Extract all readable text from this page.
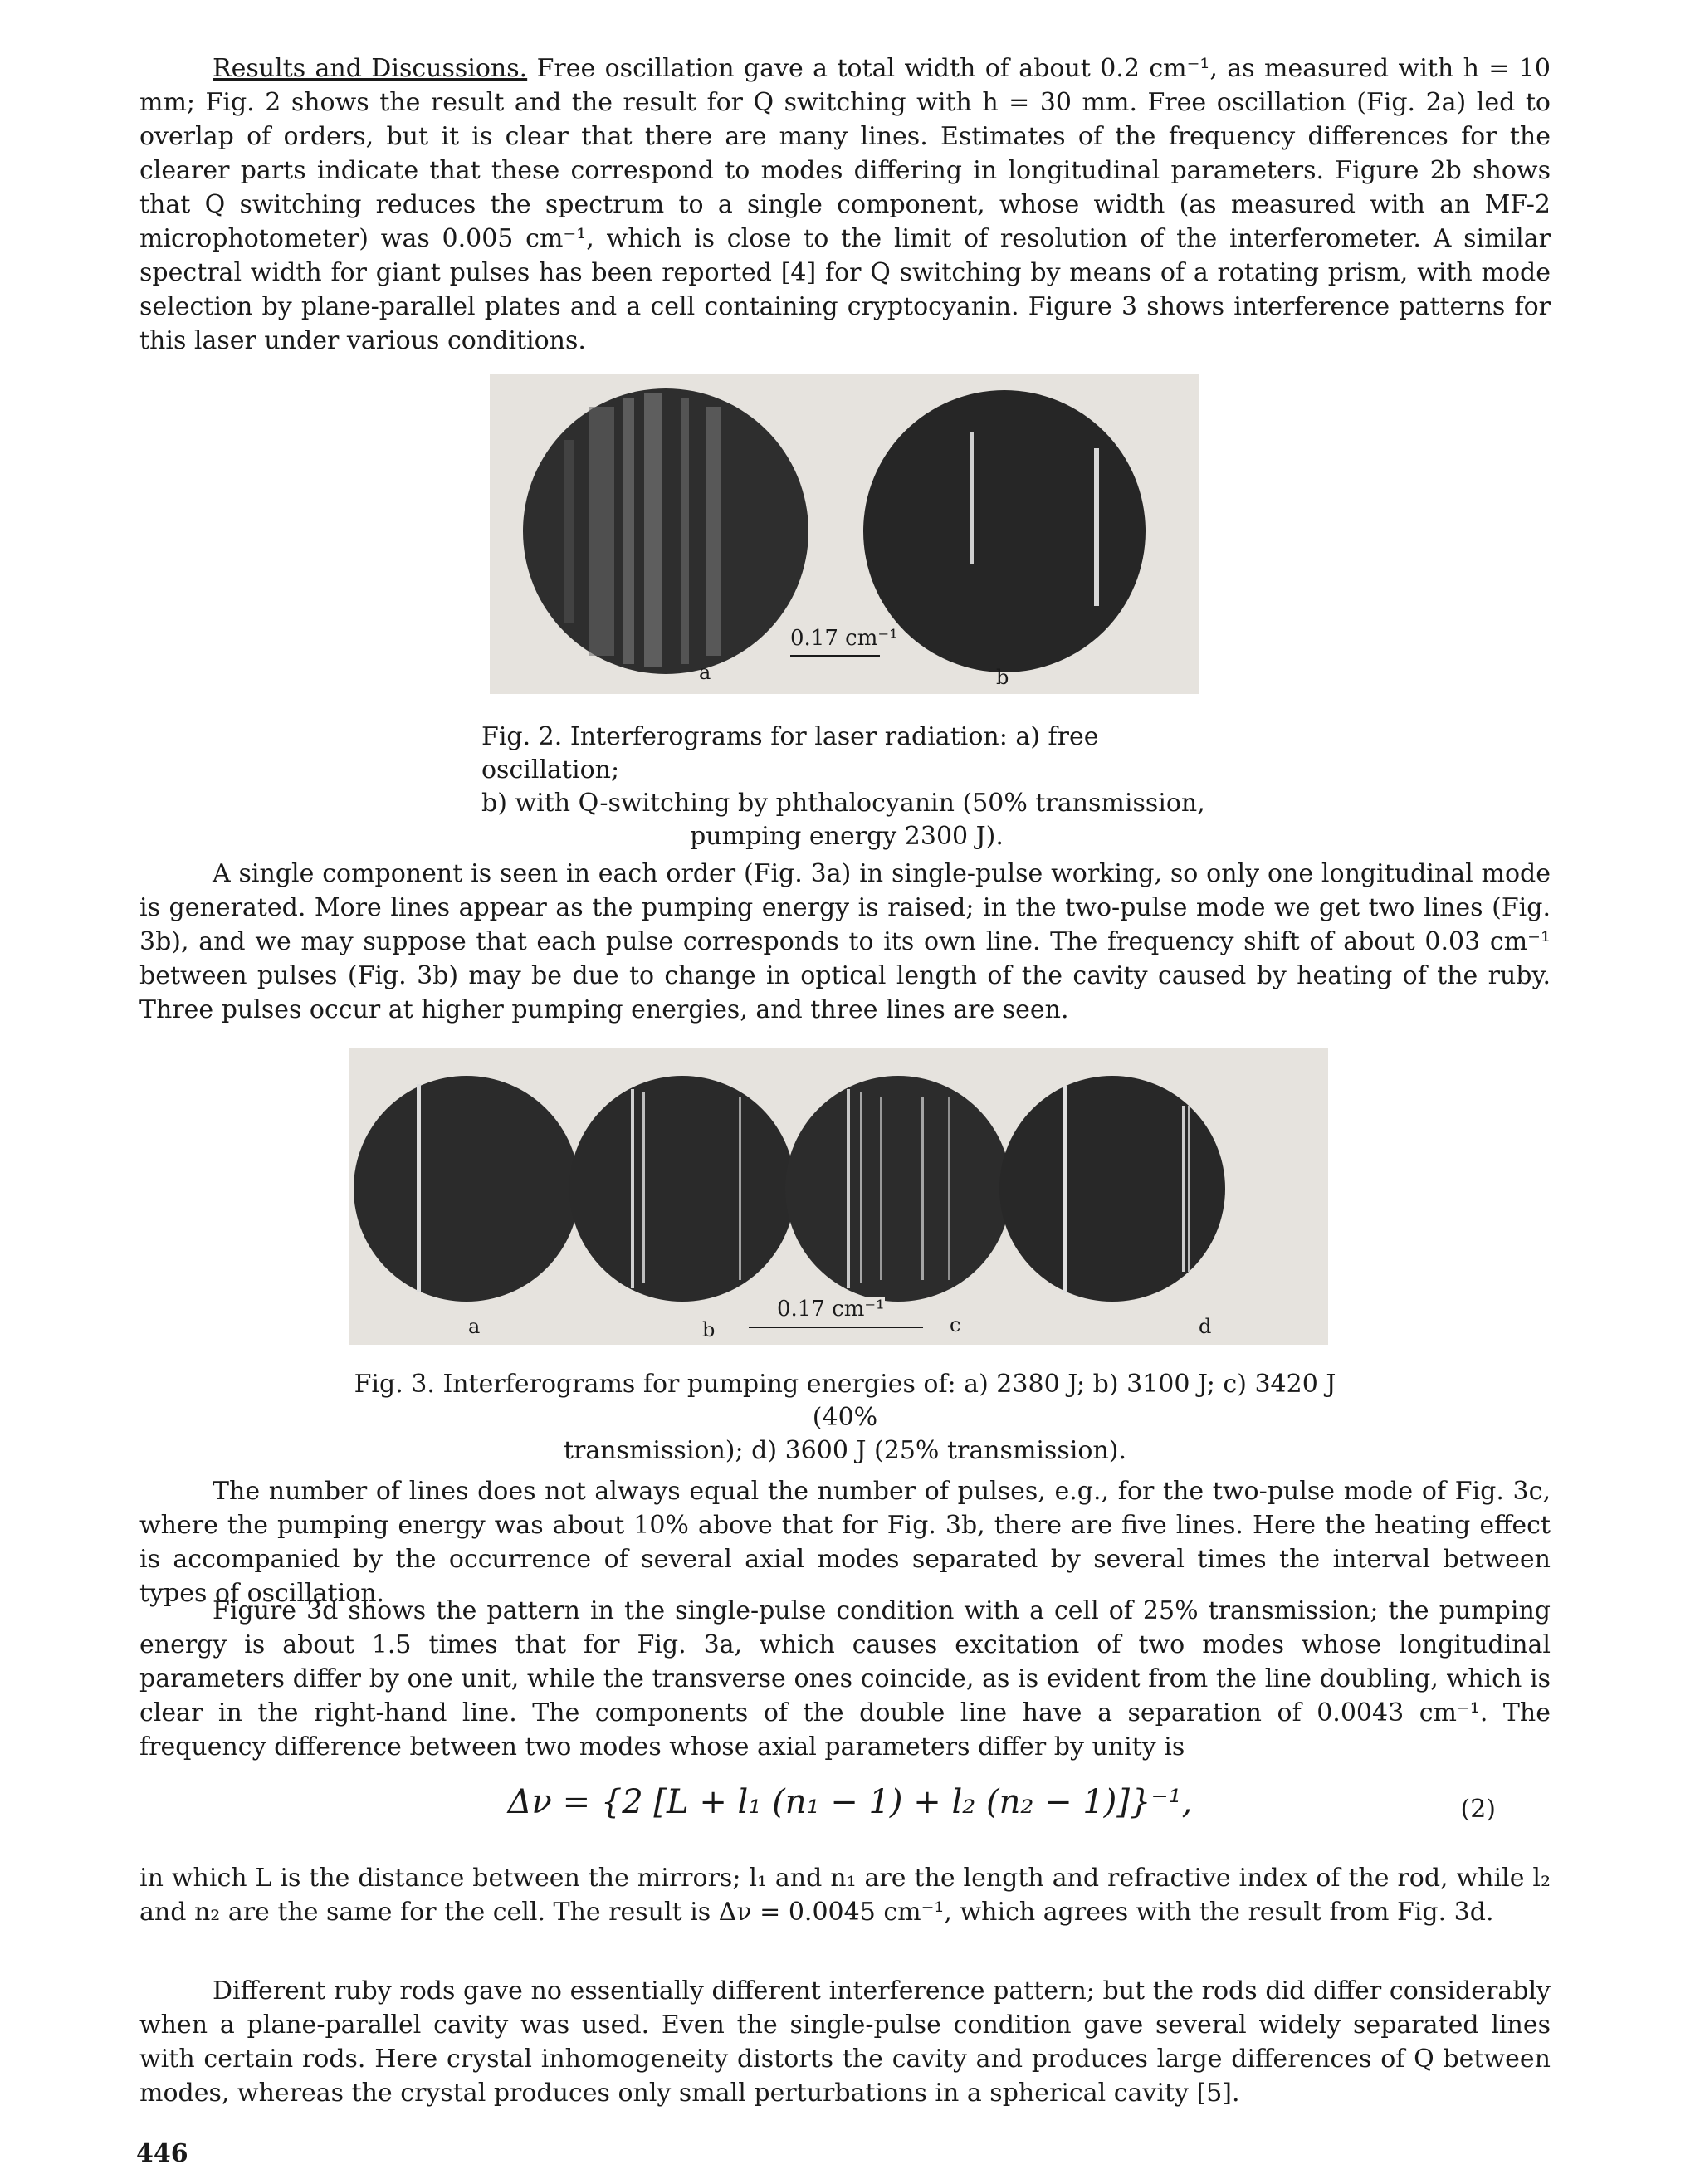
Results and Discussions. Free oscillation gave a total width of about 0.2 cm⁻¹, as measured with h = 10 mm; Fig. 2 shows the result and the result for Q switching with h = 30 mm. Free oscillation (Fig. 2a) led to overlap of orders, but it is clear that there are many lines. Estimates of the frequency differences for the clearer parts indicate that these correspond to modes differing in longitudinal parameters. Figure 2b shows that Q switching reduces the spectrum to a single component, whose width (as measured with an MF-2 microphotometer) was 0.005 cm⁻¹, which is close to the limit of resolution of the interferometer. A similar spectral width for giant pulses has been reported [4] for Q switching by means of a rotating prism, with mode selection by plane-parallel plates and a cell containing cryptocyanin. Figure 3 shows interference patterns for this laser under various conditions.

0.17 cm⁻¹
a	b

Fig. 2. Interferograms for laser radiation: a) free oscillation;
b) with Q-switching by phthalocyanin (50% transmission,

pumping energy 2300 J).

A single component is seen in each order (Fig. 3a) in single-pulse working, so only one longitudinal mode is generated. More lines appear as the pumping energy is raised; in the two-pulse mode we get two lines (Fig. 3b), and we may suppose that each pulse corresponds to its own line. The frequency shift of about 0.03 cm⁻¹ between pulses (Fig. 3b) may be due to change in optical length of the cavity caused by heating of the ruby. Three pulses occur at higher pumping energies, and three lines are seen.

0.17 cm⁻¹
a	b	c	d

Fig. 3. Interferograms for pumping energies of: a) 2380 J; b) 3100 J; c) 3420 J (40%
transmission); d) 3600 J (25% transmission).

The number of lines does not always equal the number of pulses, e.g., for the two-pulse mode of Fig. 3c, where the pumping energy was about 10% above that for Fig. 3b, there are five lines. Here the heating effect is accompanied by the occurrence of several axial modes separated by several times the interval between types of oscillation.

Figure 3d shows the pattern in the single-pulse condition with a cell of 25% transmission; the pumping energy is about 1.5 times that for Fig. 3a, which causes excitation of two modes whose longitudinal parameters differ by one unit, while the transverse ones coincide, as is evident from the line doubling, which is clear in the right-hand line. The components of the double line have a separation of 0.0043 cm⁻¹. The frequency difference between two modes whose axial parameters differ by unity is

Δν = {2 [L + l₁ (n₁ − 1) + l₂ (n₂ − 1)]}⁻¹,	(2)

in which L is the distance between the mirrors; l₁ and n₁ are the length and refractive index of the rod, while l₂ and n₂ are the same for the cell. The result is Δν = 0.0045 cm⁻¹, which agrees with the result from Fig. 3d.

Different ruby rods gave no essentially different interference pattern; but the rods did differ considerably when a plane-parallel cavity was used. Even the single-pulse condition gave several widely separated lines with certain rods. Here crystal inhomogeneity distorts the cavity and produces large differences of Q between modes, whereas the crystal produces only small perturbations in a spherical cavity [5].

446
